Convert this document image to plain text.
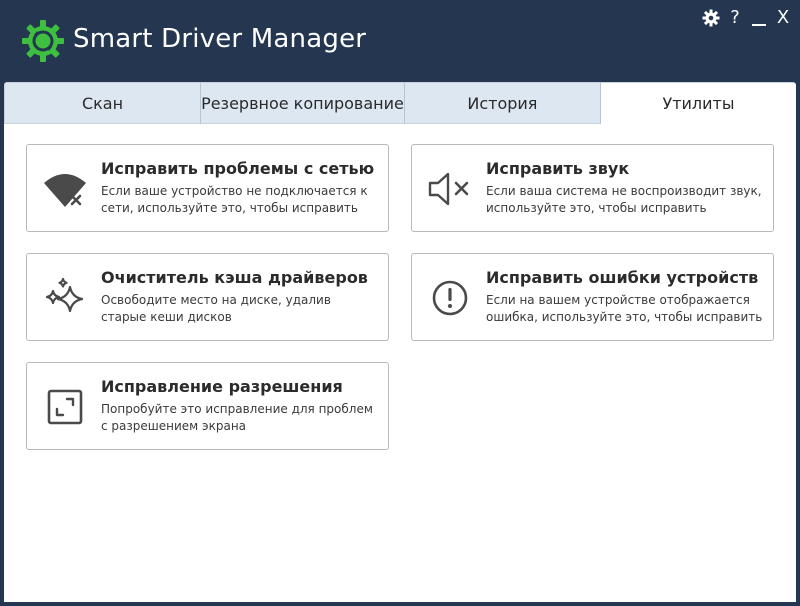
Smart Driver Manager
? X
Скан	Резервное копирование	История	Утилиты
Исправить проблемы с сетью
Если ваше устройство не подключается к сети, используйте это, чтобы исправить
Исправить звук
Если ваша система не воспроизводит звук, используйте это, чтобы исправить
Очиститель кэша драйверов
Освободите место на диске, удалив старые кеши дисков
Исправить ошибки устройств
Если на вашем устройстве отображается ошибка, используйте это, чтобы исправить
Исправление разрешения
Попробуйте это исправление для проблем с разрешением экрана
